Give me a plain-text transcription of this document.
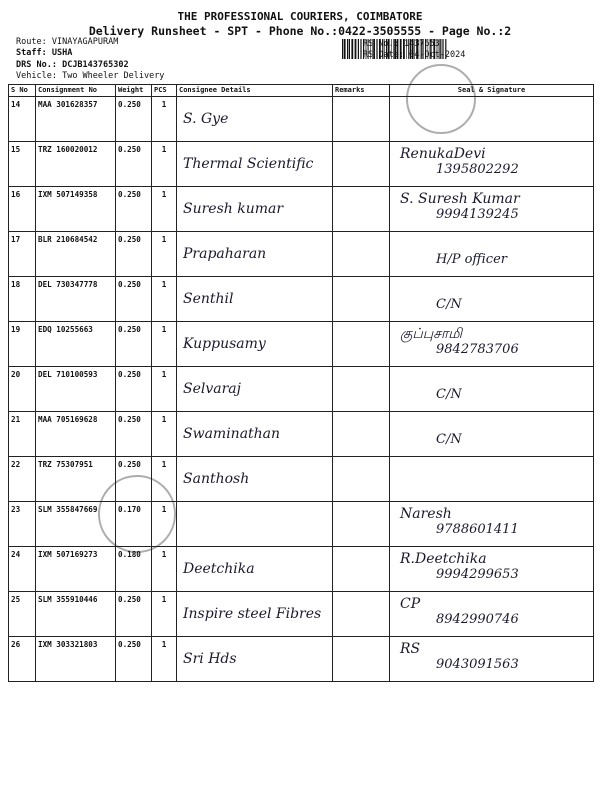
THE PROFESSIONAL COURIERS, COIMBATORE
Delivery Runsheet - SPT - Phone No.:0422-3505555 - Page No.:2
Route: VINAYAGAPURAM
Staff: USHA
DRS No.: DCJB143765302
Vehicle: Two Wheeler Delivery
RS No.: 1437653
RS Date: 04-Oct-2024
S No	Consignment No	Weight	PCS	Consignee Details	Remarks	Seal & Signature
14	MAA 301628357	0.250	1	S. Gye		

15	TRZ 160020012	0.250	1	Thermal Scientific		RenukaDevi
1395802292

16	IXM 507149358	0.250	1	Suresh kumar		S. Suresh Kumar
9994139245

17	BLR 210684542	0.250	1	Prapaharan		H/P officer

18	DEL 730347778	0.250	1	Senthil		C/N

19	EDQ 10255663	0.250	1	Kuppusamy		குப்புசாமி
9842783706

20	DEL 710100593	0.250	1	Selvaraj		C/N

21	MAA 705169628	0.250	1	Swaminathan		C/N

22	TRZ 75307951	0.250	1	Santhosh		

23	SLM 355847669	0.170	1			Naresh
9788601411

24	IXM 507169273	0.180	1	Deetchika		R.Deetchika
9994299653

25	SLM 355910446	0.250	1	Inspire steel Fibres		CP
8942990746

26	IXM 303321803	0.250	1	Sri Hds		RS
9043091563
